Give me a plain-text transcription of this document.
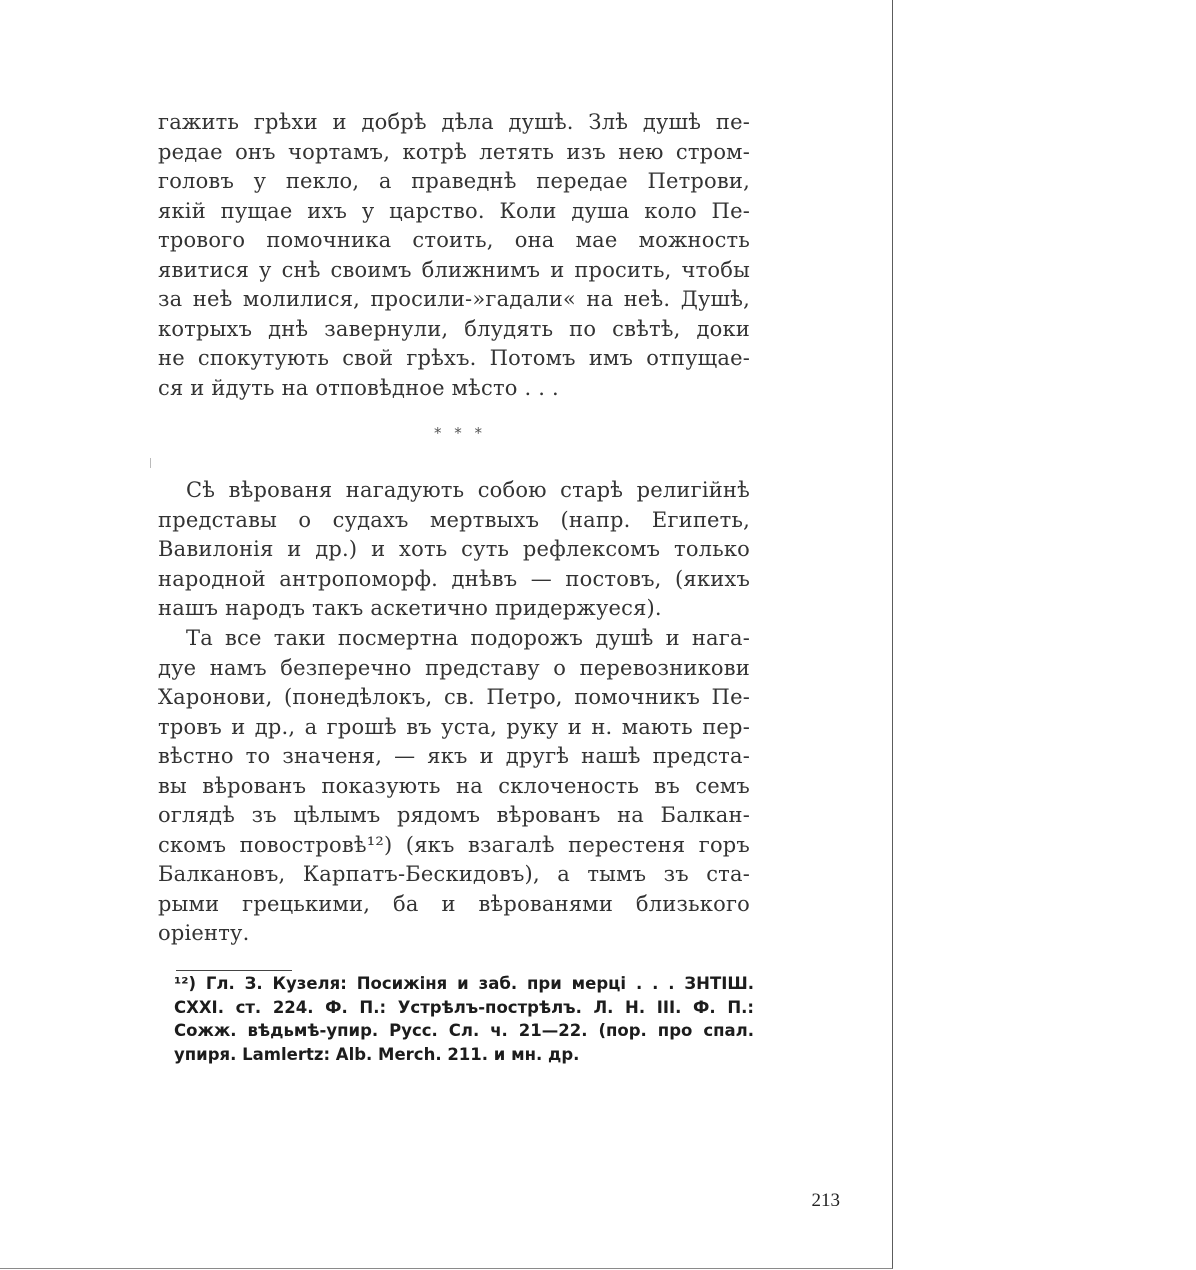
гажить грѣхи и добрѣ дѣла душѣ. Злѣ душѣ пе-
редае онъ чортамъ, котрѣ летять изъ нею стром-
головъ у пекло, а праведнѣ передае Петрови,
якій пущае ихъ у царство. Коли душа коло Пе-
тровoго помочника стоить, она мае можность
явитися у снѣ своимъ ближнимъ и просить, чтобы
за неѣ молилися, просили-»гадали« на неѣ. Душѣ,
котрыхъ днѣ завернули, блудять по свѣтѣ, доки
не спокутують свой грѣхъ. Потомъ имъ отпущае-
ся и йдуть на отповѣдное мѣсто . . .
* * *
Сѣ вѣрованя нагадують собою старѣ религійнѣ
представы о судахъ мертвыхъ (напр. Египеть,
Вавилонія и др.) и хоть суть рефлексомъ только
народной антропоморф. днѣвъ — постовъ, (якихъ
нашъ народъ такъ аскетично придержуеся).
Та все таки посмертна подорожъ душѣ и нага-
дуе намъ безперечно представу о перевозникови
Харонови, (понедѣлокъ, св. Петро, помочникъ Пе-
тровъ и др., а грошѣ въ уста, руку и н. мають пер-
вѣстно то значеня, — якъ и другѣ нашѣ предста-
вы вѣрованъ показують на склоченость въ семъ
оглядѣ зъ цѣлымъ рядомъ вѣрованъ на Балкан-
скомъ повостровѣ¹²) (якъ взагалѣ перестеня горъ
Балкановъ, Карпатъ-Бескидовъ), а тымъ зъ ста-
рыми грецькими, ба и вѣрованями близького
оріенту.
¹²) Гл. З. Кузеля: Посижіня и заб. при мерці . . . ЗНТІШ.
CXXI. ст. 224. Ф. П.: Устрѣлъ-пострѣлъ. Л. Н. III. Ф. П.:
Сожж. вѣдьмѣ-упир. Русс. Сл. ч. 21—22. (пор. про спал.
упиря. Lamlertz: Alb. Merch. 211. и мн. др.
213
